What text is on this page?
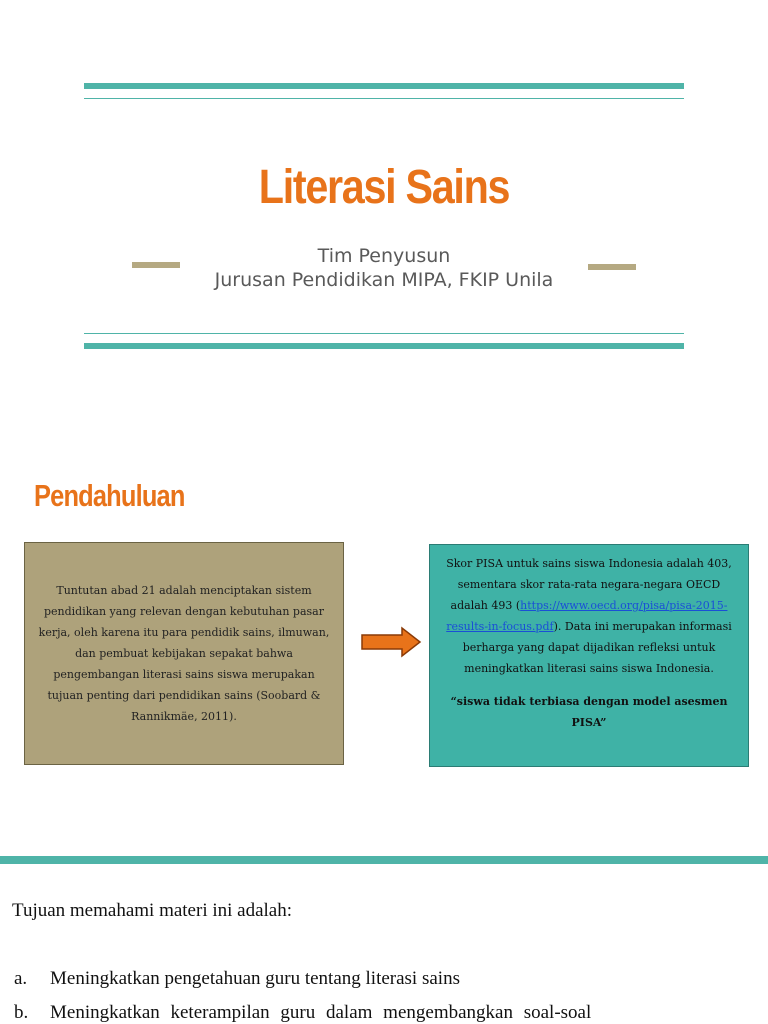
Literasi Sains
Tim Penyusun
Jurusan Pendidikan MIPA, FKIP Unila
Pendahuluan
Tuntutan abad 21 adalah menciptakan sistem pendidikan yang relevan dengan kebutuhan pasar kerja, oleh karena itu para pendidik sains, ilmuwan, dan pembuat kebijakan sepakat bahwa pengembangan literasi sains siswa merupakan tujuan penting dari pendidikan sains (Soobard & Rannikmäe, 2011).
Skor PISA untuk sains siswa Indonesia adalah 403, sementara skor rata-rata negara-negara OECD adalah 493 (https://www.oecd.org/pisa/pisa-2015-results-in-focus.pdf). Data ini merupakan informasi berharga yang dapat dijadikan refleksi untuk meningkatkan literasi sains siswa Indonesia.
“siswa tidak terbiasa dengan model asesmen PISA”
Tujuan memahami materi ini adalah:
a.	Meningkatkan pengetahuan guru tentang literasi sains
b.	Meningkatkan keterampilan guru dalam mengembangkan soal-soal
